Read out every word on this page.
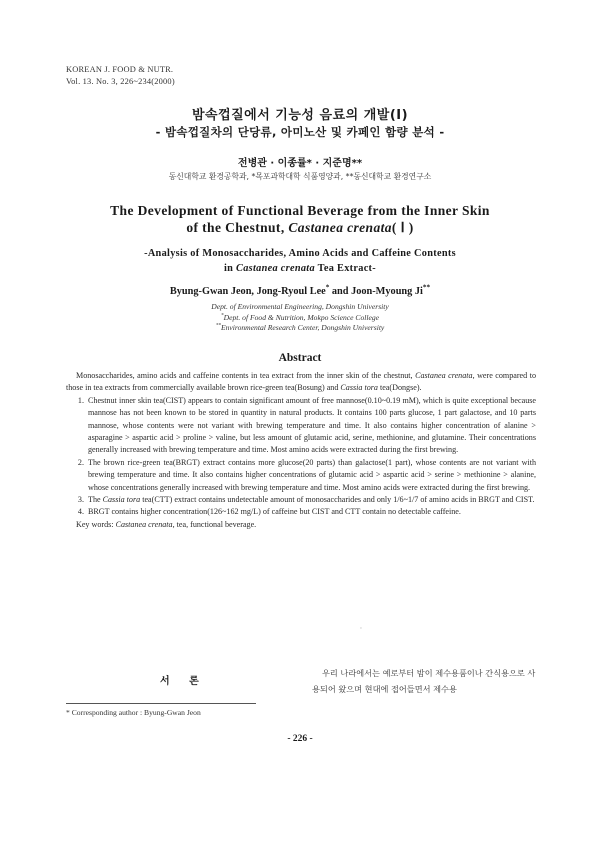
KOREAN J. FOOD & NUTR.
Vol. 13. No. 3, 226~234(2000)
밤속껍질에서 기능성 음료의 개발(Ⅰ)
- 밤속껍질차의 단당류, 아미노산 및 카페인 함량 분석 -
전병관 · 이종률* · 지준명**
동신대학교 환경공학과, *목포과학대학 식품영양과, **동신대학교 환경연구소
The Development of Functional Beverage from the Inner Skin
of the Chestnut, Castanea crenata( Ⅰ )
-Analysis of Monosaccharides, Amino Acids and Caffeine Contents
in Castanea crenata Tea Extract-
Byung-Gwan Jeon, Jong-Ryoul Lee* and Joon-Myoung Ji**
Dept. of Environmental Engineering, Dongshin University
*Dept. of Food & Nutrition, Mokpo Science College
**Environmental Research Center, Dongshin University
Abstract

Monosaccharides, amino acids and caffeine contents in tea extract from the inner skin of the chestnut, Castanea crenata, were compared to those in tea extracts from commercially available brown rice-green tea(Bosung) and Cassia tora tea(Dongse).

1. Chestnut inner skin tea(CIST) appears to contain significant amount of free mannose(0.10~0.19 mM), which is quite exceptional because mannose has not been known to be stored in quantity in natural products. It contains 100 parts glucose, 1 part galactose, and 10 parts mannose, whose contents were not variant with brewing temperature and time. It also contains higher concentration of alanine > asparagine > aspartic acid > proline > valine, but less amount of glutamic acid, serine, methionine, and glutamine. Their concentrations generally increased with brewing temperature and time. Most amino acids were extracted during the first brewing.
2. The brown rice-green tea(BRGT) extract contains more glucose(20 parts) than galactose(1 part), whose contents are not variant with brewing temperature and time. It also contains higher concentrations of glutamic acid > aspartic acid > serine > methionine > alanine, whose concentrations generally increased with brewing temperature and time. Most amino acids were extracted during the first brewing.
3. The Cassia tora tea(CTT) extract contains undetectable amount of monosaccharides and only 1/6~1/7 of amino acids in BRGT and CIST.
4. BRGT contains higher concentration(126~162 mg/L) of caffeine but CIST and CTT contain no detectable caffeine.
Key words: Castanea crenata, tea, functional beverage.
'
서 론

우리 나라에서는 예로부터 밤이 제수용품이나 간식용으로 사용되어 왔으며 현대에 접어들면서 제수용

* Corresponding author : Byung-Gwan Jeon
- 226 -
